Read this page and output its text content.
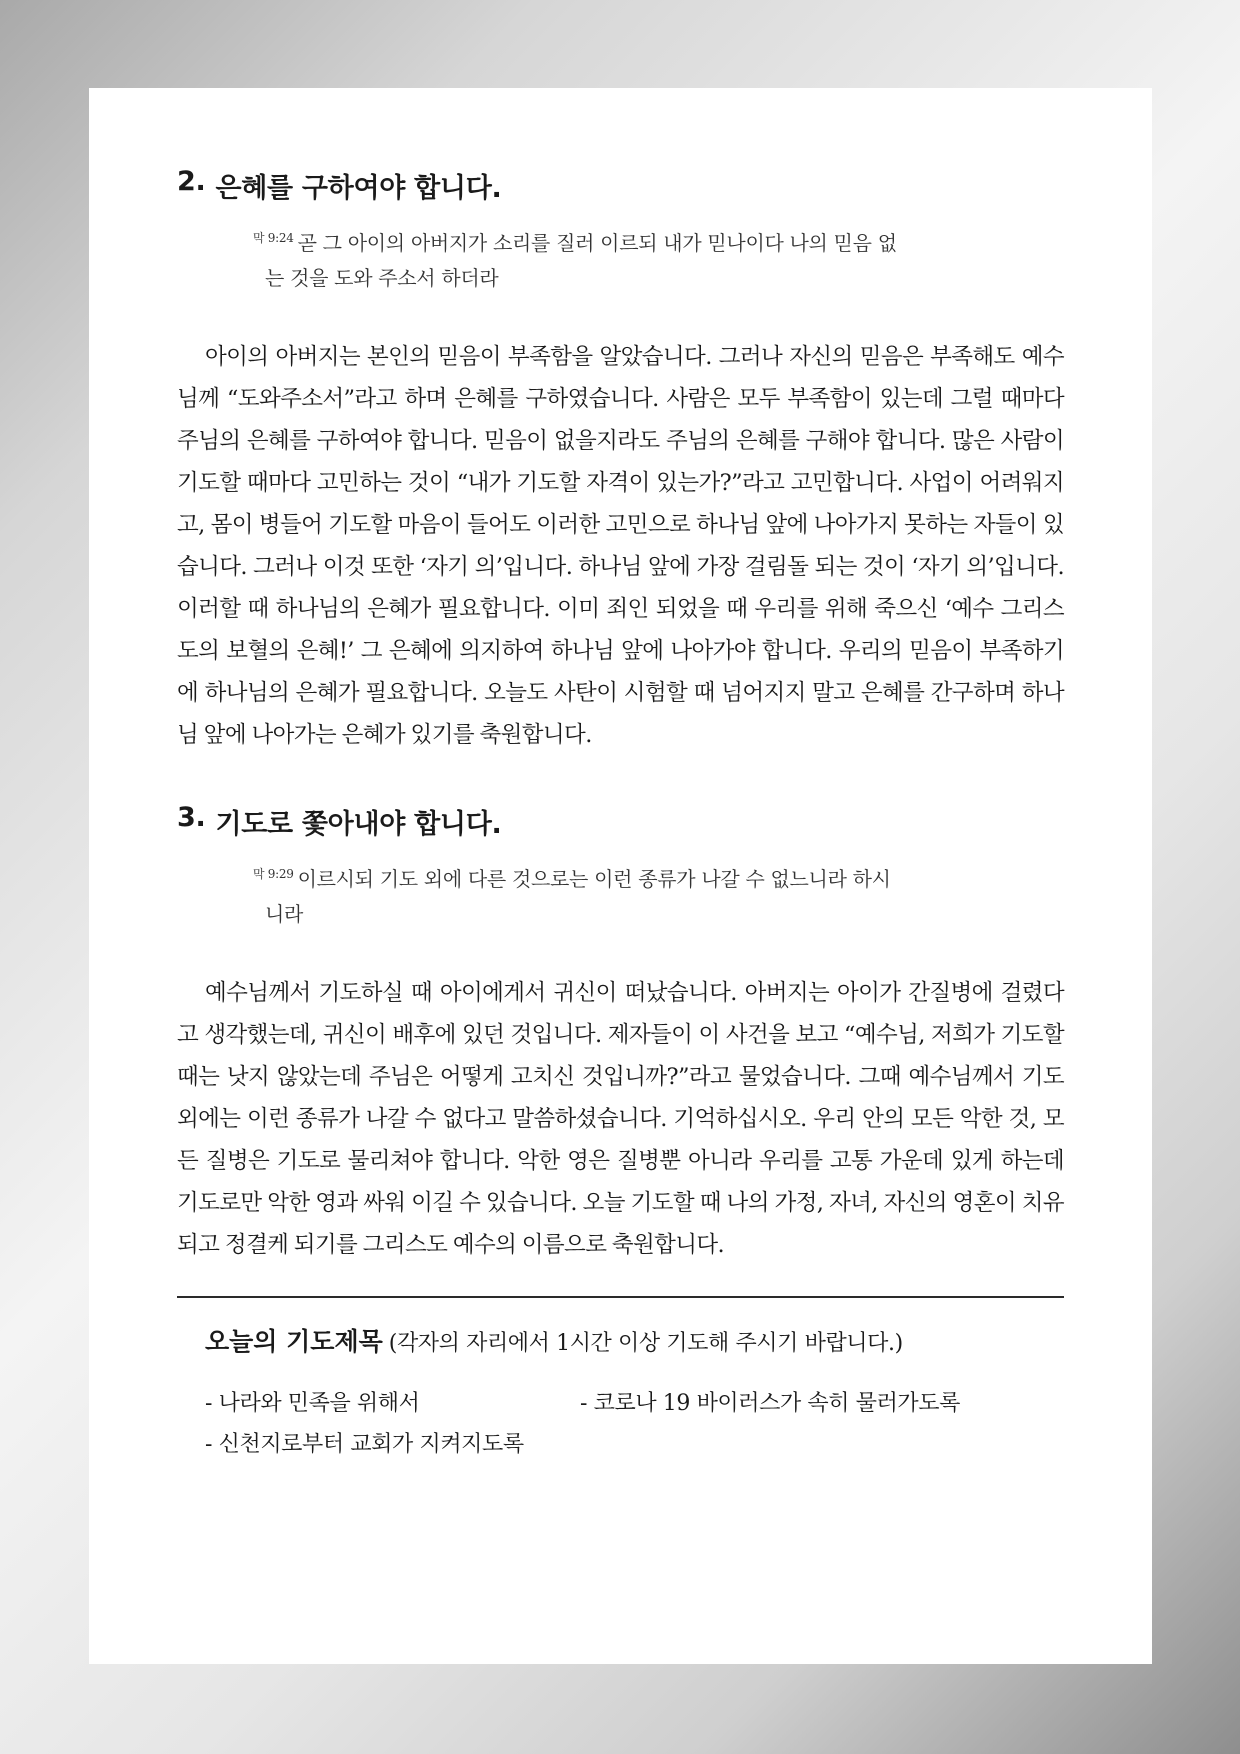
2. 은혜를 구하여야 합니다.
$^{막 9:24}$ 곧 그 아이의 아버지가 소리를 질러 이르되 내가 믿나이다 나의 믿음 없
는 것을 도와 주소서 하더라

아이의 아버지는 본인의 믿음이 부족함을 알았습니다. 그러나 자신의 믿음은 부족해도 예수님께 “도와주소서”라고 하며 은혜를 구하였습니다. 사람은 모두 부족함이 있는데 그럴 때마다 주님의 은혜를 구하여야 합니다. 믿음이 없을지라도 주님의 은혜를 구해야 합니다. 많은 사람이 기도할 때마다 고민하는 것이 “내가 기도할 자격이 있는가?”라고 고민합니다. 사업이 어려워지고, 몸이 병들어 기도할 마음이 들어도 이러한 고민으로 하나님 앞에 나아가지 못하는 자들이 있습니다. 그러나 이것 또한 ‘자기 의’입니다. 하나님 앞에 가장 걸림돌 되는 것이 ‘자기 의’입니다. 이러할 때 하나님의 은혜가 필요합니다. 이미 죄인 되었을 때 우리를 위해 죽으신 ‘예수 그리스도의 보혈의 은혜!’ 그 은혜에 의지하여 하나님 앞에 나아가야 합니다. 우리의 믿음이 부족하기에 하나님의 은혜가 필요합니다. 오늘도 사탄이 시험할 때 넘어지지 말고 은혜를 간구하며 하나님 앞에 나아가는 은혜가 있기를 축원합니다.

3. 기도로 쫓아내야 합니다.
$^{막 9:29}$ 이르시되 기도 외에 다른 것으로는 이런 종류가 나갈 수 없느니라 하시
니라

예수님께서 기도하실 때 아이에게서 귀신이 떠났습니다. 아버지는 아이가 간질병에 걸렸다고 생각했는데, 귀신이 배후에 있던 것입니다. 제자들이 이 사건을 보고 “예수님, 저희가 기도할 때는 낫지 않았는데 주님은 어떻게 고치신 것입니까?”라고 물었습니다. 그때 예수님께서 기도 외에는 이런 종류가 나갈 수 없다고 말씀하셨습니다. 기억하십시오. 우리 안의 모든 악한 것, 모든 질병은 기도로 물리쳐야 합니다. 악한 영은 질병뿐 아니라 우리를 고통 가운데 있게 하는데 기도로만 악한 영과 싸워 이길 수 있습니다. 오늘 기도할 때 나의 가정, 자녀, 자신의 영혼이 치유되고 정결케 되기를 그리스도 예수의 이름으로 축원합니다.

오늘의 기도제목 (각자의 자리에서 1시간 이상 기도해 주시기 바랍니다.)
- 나라와 민족을 위해서	- 코로나 19 바이러스가 속히 물러가도록
- 신천지로부터 교회가 지켜지도록
